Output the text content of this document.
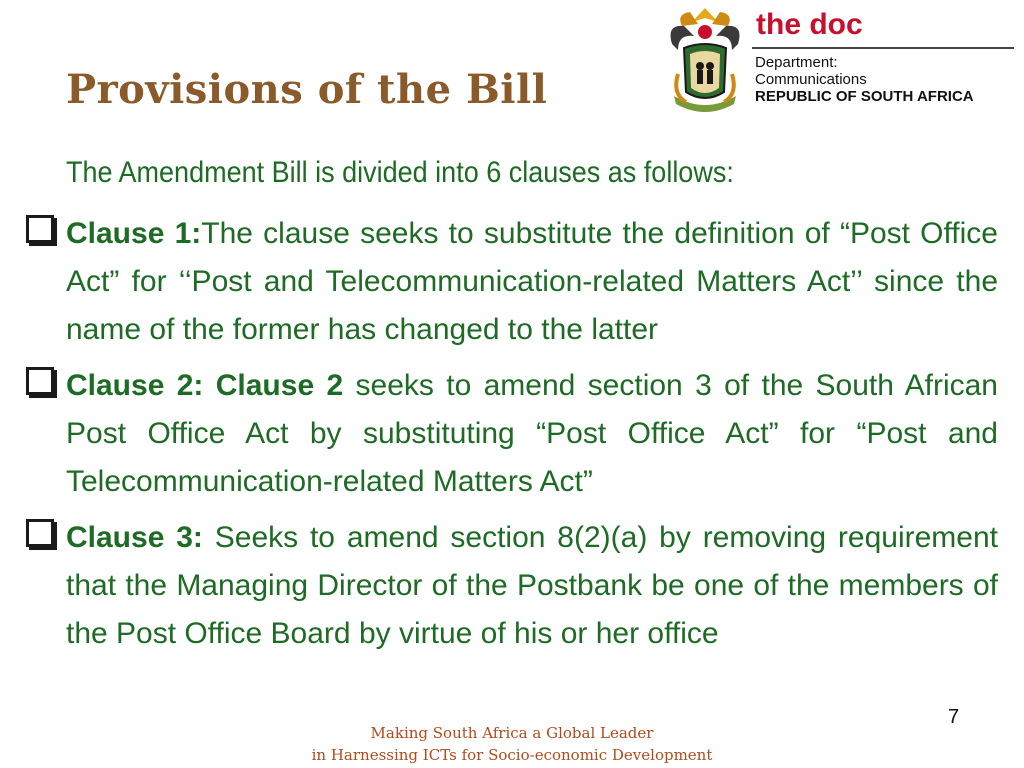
Provisions of the Bill
the doc
Department:
Communications
REPUBLIC OF SOUTH AFRICA
The Amendment Bill is divided into 6 clauses as follows:
Clause 1:The clause seeks to substitute the definition of “Post Office Act” for ‘‘Post and Telecommunication-related Matters Act’’ since the name of the former has changed to the latter
Clause 2: Clause 2 seeks to amend section 3 of the South African Post Office Act by substituting “Post Office Act” for “Post and Telecommunication-related Matters Act”
Clause 3: Seeks to amend section 8(2)(a) by removing requirement that the Managing Director of the Postbank be one of the members of the Post Office Board by virtue of his or her office
7
Making South Africa a Global Leader
in Harnessing ICTs for Socio-economic Development
